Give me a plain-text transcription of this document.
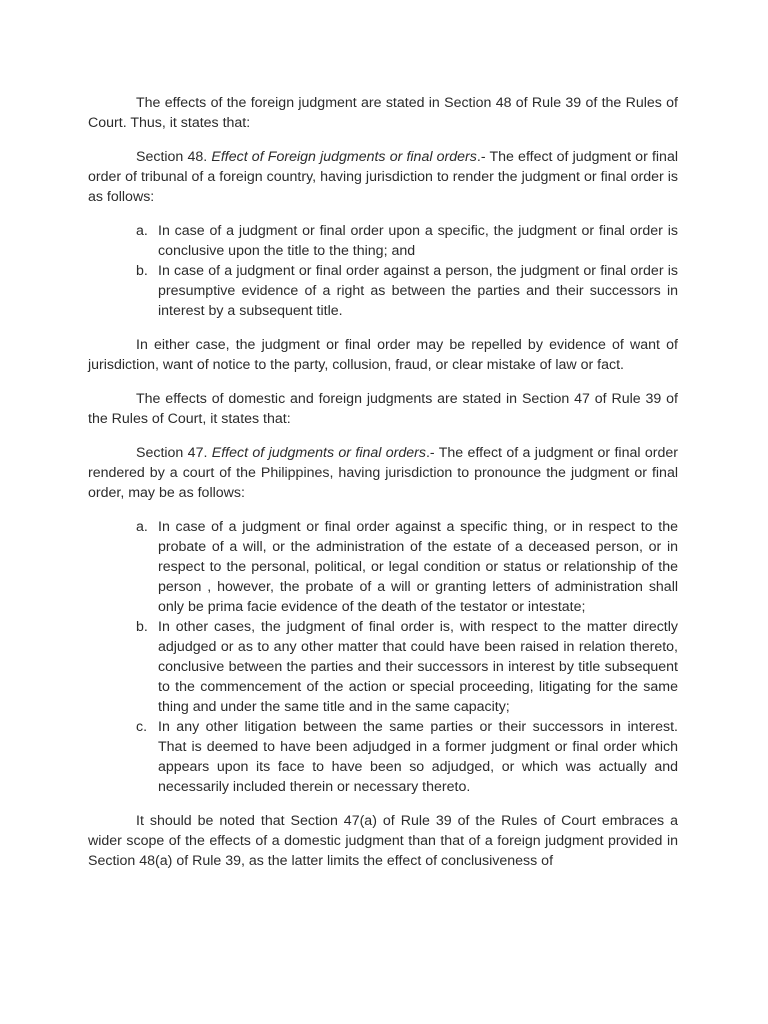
The effects of the foreign judgment are stated in Section 48 of Rule 39 of the Rules of Court. Thus, it states that:

Section 48. Effect of Foreign judgments or final orders.- The effect of judgment or final order of tribunal of a foreign country, having jurisdiction to render the judgment or final order is as follows:

a. In case of a judgment or final order upon a specific, the judgment or final order is conclusive upon the title to the thing; and
b. In case of a judgment or final order against a person, the judgment or final order is presumptive evidence of a right as between the parties and their successors in interest by a subsequent title.

In either case, the judgment or final order may be repelled by evidence of want of jurisdiction, want of notice to the party, collusion, fraud, or clear mistake of law or fact.

The effects of domestic and foreign judgments are stated in Section 47 of Rule 39 of the Rules of Court, it states that:

Section 47. Effect of judgments or final orders.- The effect of a judgment or final order rendered by a court of the Philippines, having jurisdiction to pronounce the judgment or final order, may be as follows:

a. In case of a judgment or final order against a specific thing, or in respect to the probate of a will, or the administration of the estate of a deceased person, or in respect to the personal, political, or legal condition or status or relationship of the person , however, the probate of a will or granting letters of administration shall only be prima facie evidence of the death of the testator or intestate;
b. In other cases, the judgment of final order is, with respect to the matter directly adjudged or as to any other matter that could have been raised in relation thereto, conclusive between the parties and their successors in interest by title subsequent to the commencement of the action or special proceeding, litigating for the same thing and under the same title and in the same capacity;
c. In any other litigation between the same parties or their successors in interest. That is deemed to have been adjudged in a former judgment or final order which appears upon its face to have been so adjudged, or which was actually and necessarily included therein or necessary thereto.

It should be noted that Section 47(a) of Rule 39 of the Rules of Court embraces a wider scope of the effects of a domestic judgment than that of a foreign judgment provided in Section 48(a) of Rule 39, as the latter limits the effect of conclusiveness of
